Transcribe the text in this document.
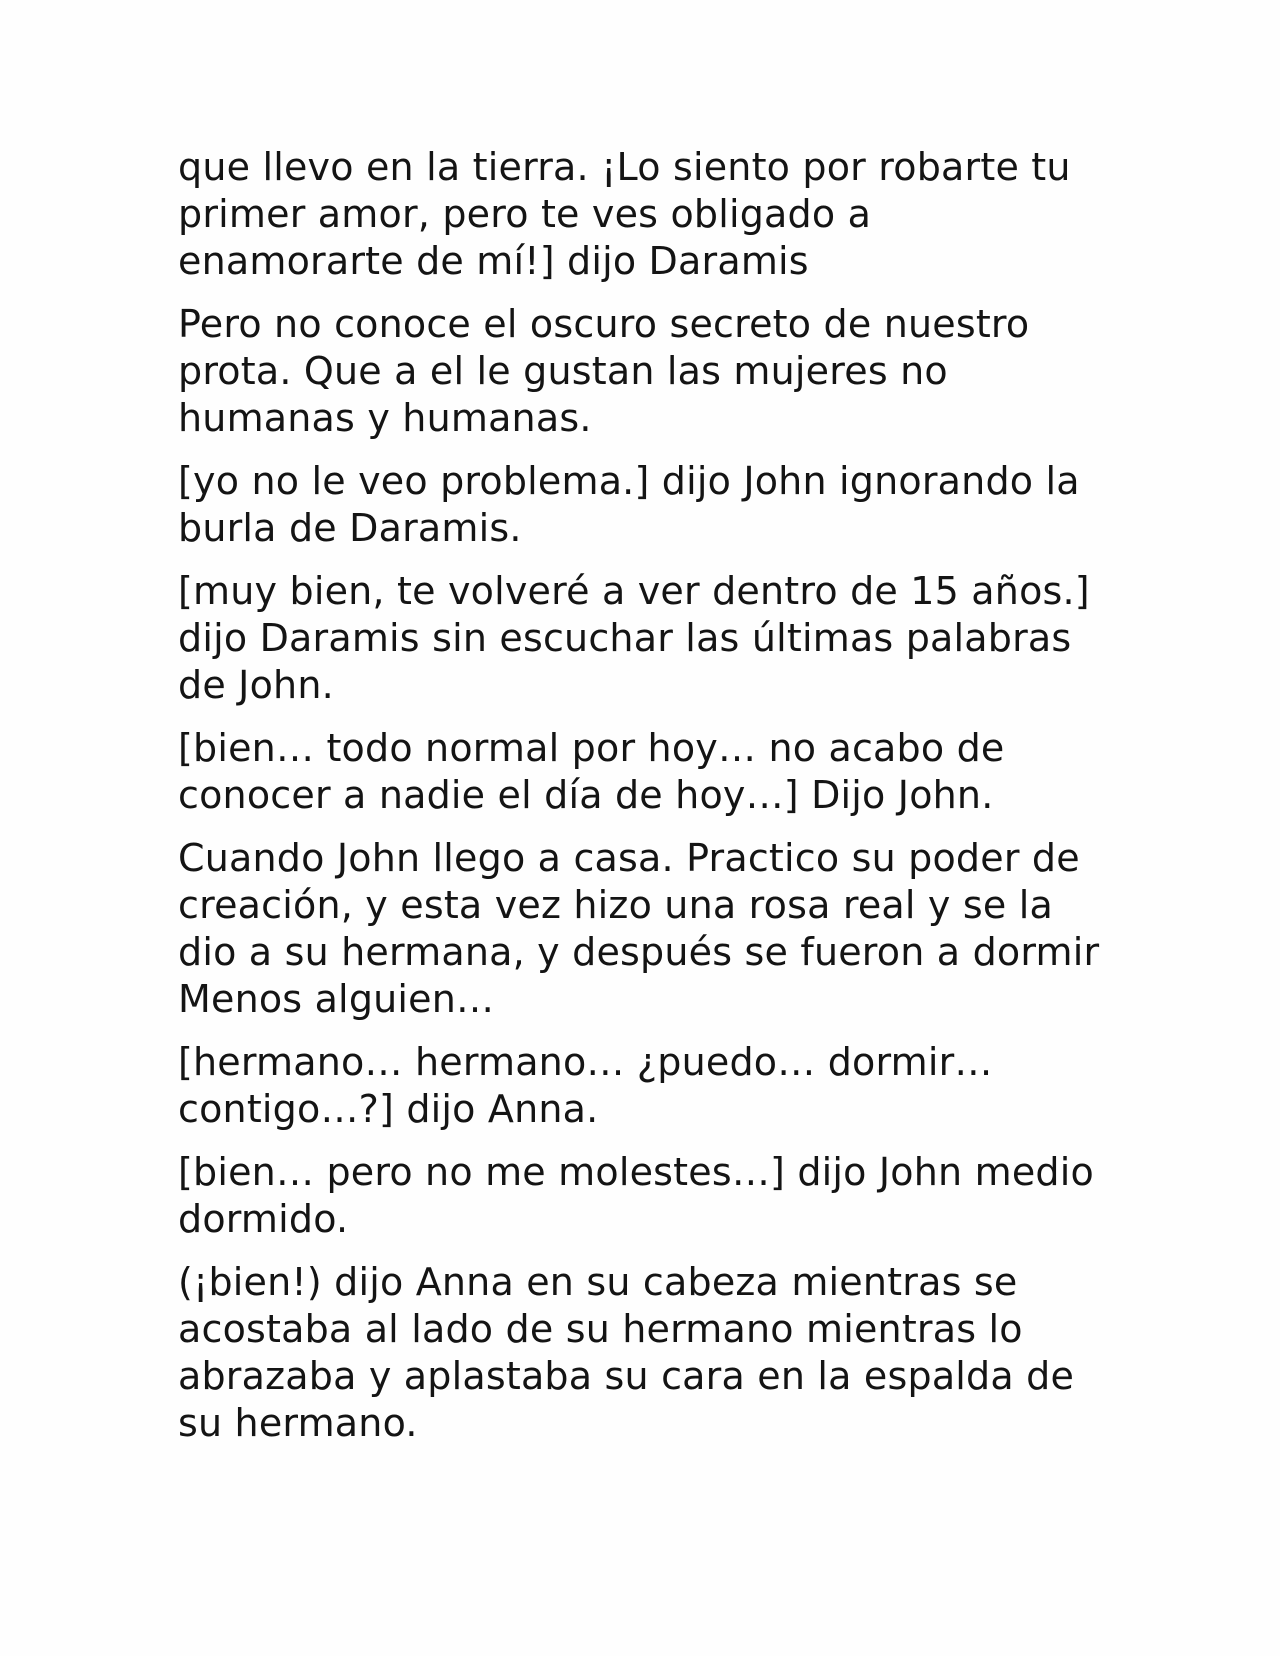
que llevo en la tierra. ¡Lo siento por robarte tu primer amor, pero te ves obligado a enamorarte de mí!] dijo Daramis

Pero no conoce el oscuro secreto de nuestro prota. Que a el le gustan las mujeres no humanas y humanas.

[yo no le veo problema.] dijo John ignorando la burla de Daramis.

[muy bien, te volveré a ver dentro de 15 años.] dijo Daramis sin escuchar las últimas palabras de John.

[bien… todo normal por hoy… no acabo de conocer a nadie el día de hoy…] Dijo John.

Cuando John llego a casa. Practico su poder de creación, y esta vez hizo una rosa real y se la dio a su hermana, y después se fueron a dormir Menos alguien…

[hermano… hermano… ¿puedo… dormir… contigo…?] dijo Anna.

[bien… pero no me molestes…] dijo John medio dormido.

(¡bien!) dijo Anna en su cabeza mientras se acostaba al lado de su hermano mientras lo abrazaba y aplastaba su cara en la espalda de su hermano.
